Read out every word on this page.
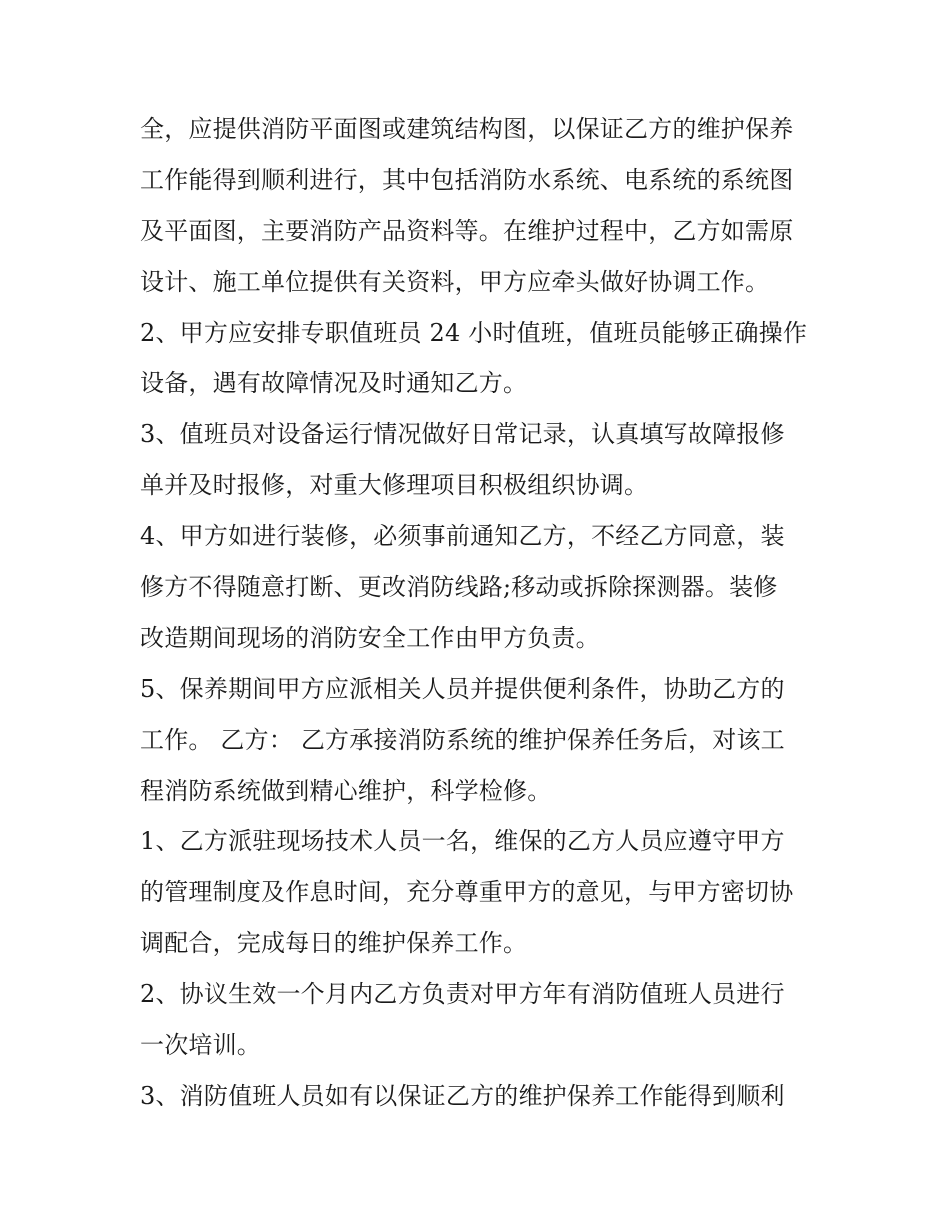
全，应提供消防平面图或建筑结构图，以保证乙方的维护保养
工作能得到顺利进行，其中包括消防水系统、电系统的系统图
及平面图，主要消防产品资料等。在维护过程中，乙方如需原
设计、施工单位提供有关资料，甲方应牵头做好协调工作。
2、甲方应安排专职值班员 24 小时值班，值班员能够正确操作
设备，遇有故障情况及时通知乙方。
3、值班员对设备运行情况做好日常记录，认真填写故障报修
单并及时报修，对重大修理项目积极组织协调。
4、甲方如进行装修，必须事前通知乙方，不经乙方同意，装
修方不得随意打断、更改消防线路;移动或拆除探测器。装修
改造期间现场的消防安全工作由甲方负责。
5、保养期间甲方应派相关人员并提供便利条件，协助乙方的
工作。 乙方： 乙方承接消防系统的维护保养任务后，对该工
程消防系统做到精心维护，科学检修。
1、乙方派驻现场技术人员一名，维保的乙方人员应遵守甲方
的管理制度及作息时间，充分尊重甲方的意见，与甲方密切协
调配合，完成每日的维护保养工作。
2、协议生效一个月内乙方负责对甲方年有消防值班人员进行
一次培训。
3、消防值班人员如有以保证乙方的维护保养工作能得到顺利
